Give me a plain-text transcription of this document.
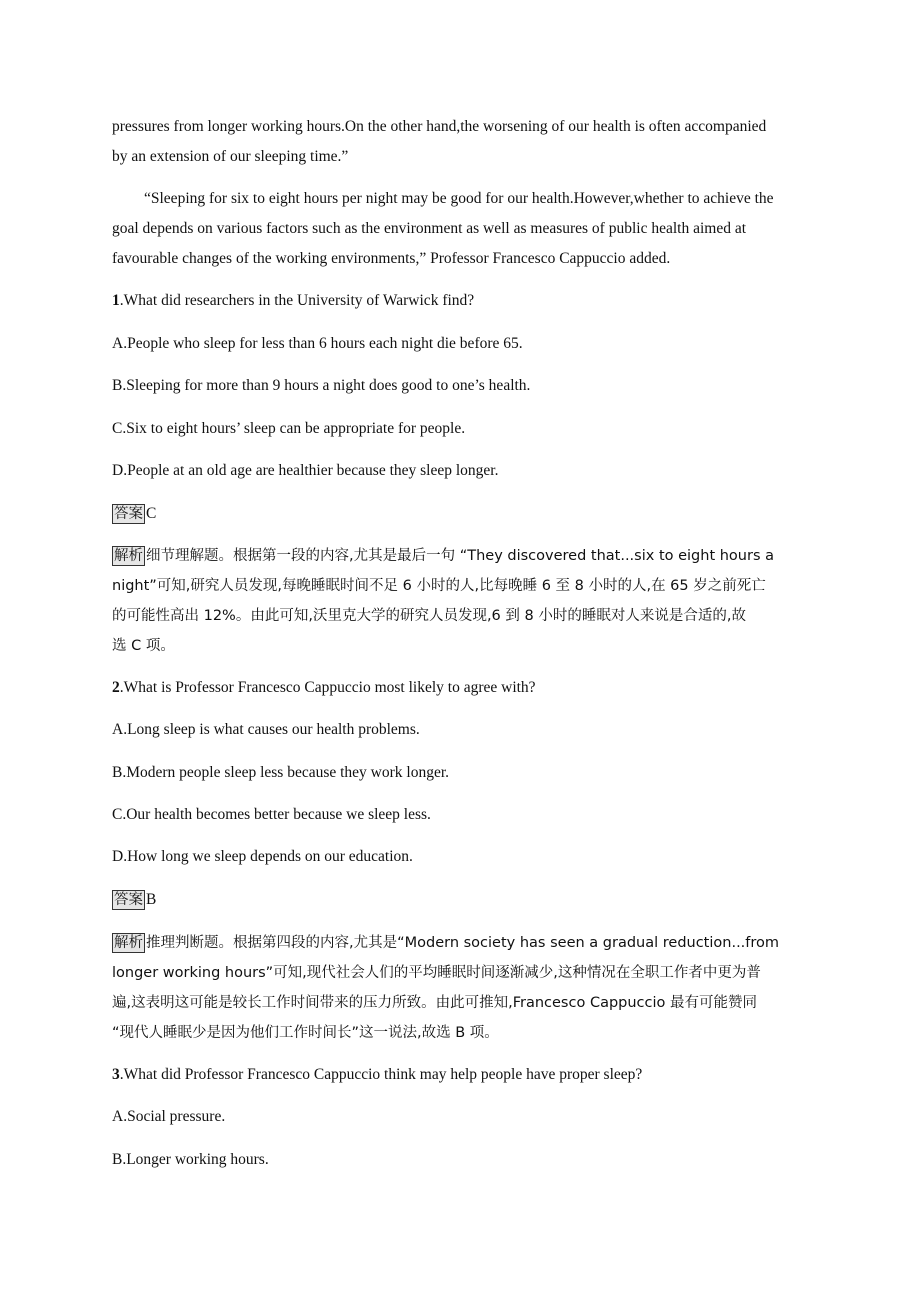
pressures from longer working hours.On the other hand,the worsening of our health is often accompanied
by an extension of our sleeping time.”
“Sleeping for six to eight hours per night may be good for our health.However,whether to achieve the
goal depends on various factors such as the environment as well as measures of public health aimed at
favourable changes of the working environments,” Professor Francesco Cappuccio added.
1.What did researchers in the University of Warwick find?
A.People who sleep for less than 6 hours each night die before 65.
B.Sleeping for more than 9 hours a night does good to one’s health.
C.Six to eight hours’ sleep can be appropriate for people.
D.People at an old age are healthier because they sleep longer.
答案 C
解析 细节理解题。根据第一段的内容,尤其是最后一句 “They discovered that...six to eight hours a
night”可知,研究人员发现,每晚睡眠时间不足 6 小时的人,比每晚睡 6 至 8 小时的人,在 65 岁之前死亡
的可能性高出 12%。由此可知,沃里克大学的研究人员发现,6 到 8 小时的睡眠对人来说是合适的,故
选 C 项。
2.What is Professor Francesco Cappuccio most likely to agree with?
A.Long sleep is what causes our health problems.
B.Modern people sleep less because they work longer.
C.Our health becomes better because we sleep less.
D.How long we sleep depends on our education.
答案 B
解析 推理判断题。根据第四段的内容,尤其是“Modern society has seen a gradual reduction...from
longer working hours”可知,现代社会人们的平均睡眠时间逐渐减少,这种情况在全职工作者中更为普
遍,这表明这可能是较长工作时间带来的压力所致。由此可推知,Francesco Cappuccio 最有可能赞同
“现代人睡眠少是因为他们工作时间长”这一说法,故选 B 项。
3.What did Professor Francesco Cappuccio think may help people have proper sleep?
A.Social pressure.
B.Longer working hours.
